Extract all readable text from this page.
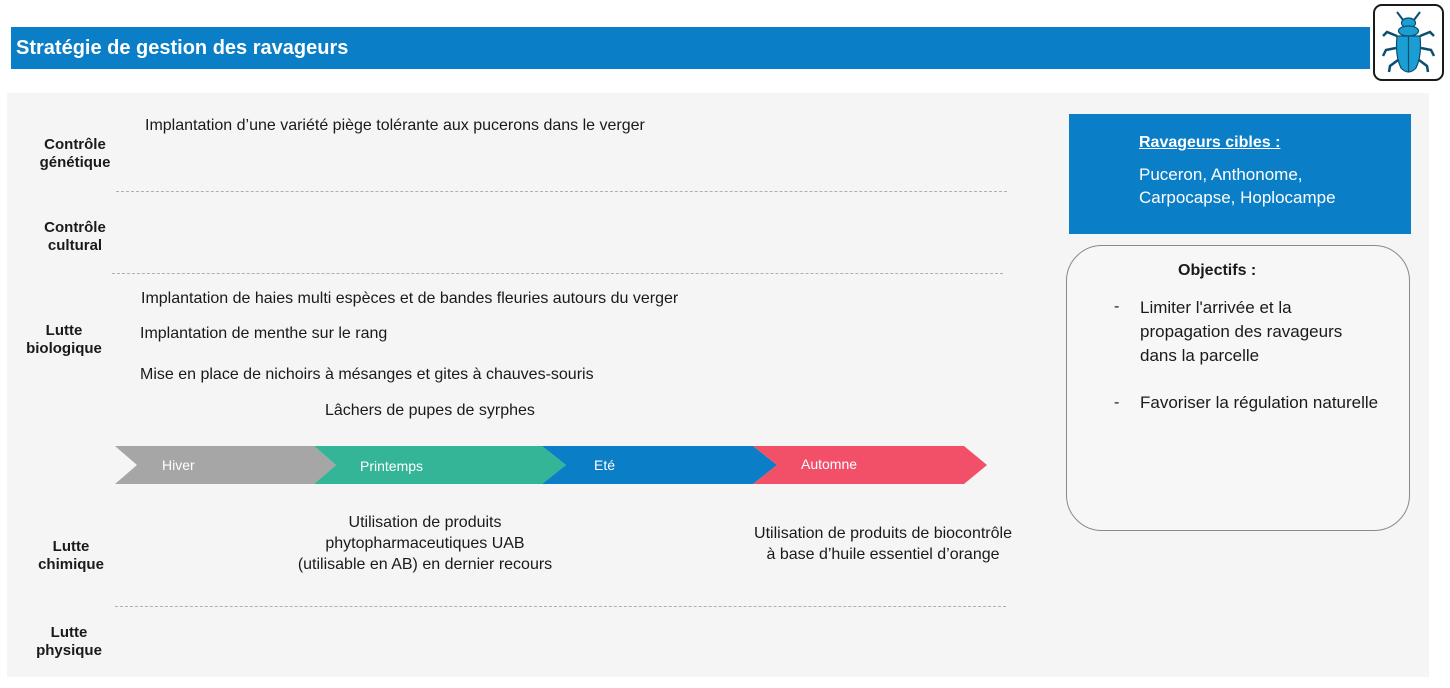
Stratégie de gestion des ravageurs
Contrôle
génétique
Contrôle
cultural
Lutte
biologique
Lutte
chimique
Lutte
physique
Implantation d’une variété piège tolérante aux pucerons dans le verger
Implantation de haies multi espèces et de bandes fleuries autours du verger
Implantation de menthe sur le rang
Mise en place de nichoirs à mésanges et gites à chauves-souris
Lâchers de pupes de syrphes
Hiver	Printemps	Eté	Automne
Utilisation de produits
phytopharmaceutiques UAB
(utilisable en AB) en dernier recours
Utilisation de produits de biocontrôle
à base d’huile essentiel d’orange
Ravageurs cibles :
Puceron, Anthonome,
Carpocapse, Hoplocampe
Objectifs :
- Limiter l'arrivée et la propagation des ravageurs dans la parcelle
- Favoriser la régulation naturelle
